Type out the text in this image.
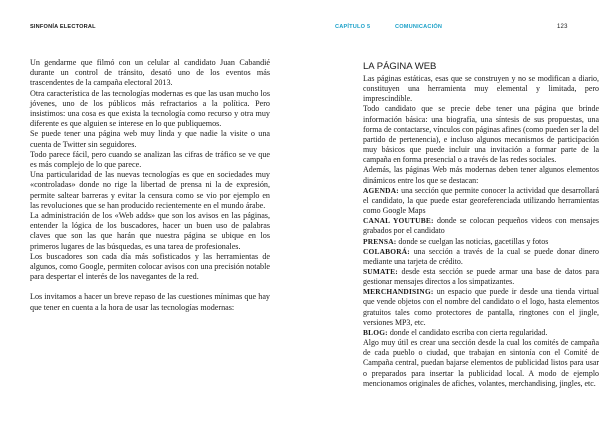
SINFONÍA ELECTORAL	CAPÍTULO 5	COMUNICACIÓN	123

Un gendarme que filmó con un celular al candidato Juan Cabandié durante un control de tránsito, desató uno de los eventos más trascendentes de la campaña electoral 2013.

Otra característica de las tecnologías modernas es que las usan mucho los jóvenes, uno de los públicos más refractarios a la política. Pero insistimos: una cosa es que exista la tecnología como recurso y otra muy diferente es que alguien se interese en lo que publiquemos.

Se puede tener una página web muy linda y que nadie la visite o una cuenta de Twitter sin seguidores.

Todo parece fácil, pero cuando se analizan las cifras de tráfico se ve que es más complejo de lo que parece.

Una particularidad de las nuevas tecnologías es que en sociedades muy «controladas» donde no rige la libertad de prensa ni la de expresión, permite saltear barreras y evitar la censura como se vio por ejemplo en las revoluciones que se han producido recientemente en el mundo árabe.

La administración de los «Web adds» que son los avisos en las páginas, entender la lógica de los buscadores, hacer un buen uso de palabras claves que son las que harán que nuestra página se ubique en los primeros lugares de las búsquedas, es una tarea de profesionales.

Los buscadores son cada día más sofisticados y las herramientas de algunos, como Google, permiten colocar avisos con una precisión notable para despertar el interés de los navegantes de la red.

Los invitamos a hacer un breve repaso de las cuestiones mínimas que hay que tener en cuenta a la hora de usar las tecnologías modernas:

LA PÁGINA WEB

Las páginas estáticas, esas que se construyen y no se modifican a diario, constituyen una herramienta muy elemental y limitada, pero imprescindible.

Todo candidato que se precie debe tener una página que brinde información básica: una biografía, una síntesis de sus propuestas, una forma de contactarse, vínculos con páginas afines (como pueden ser la del partido de pertenencia), e incluso algunos mecanismos de participación muy básicos que puede incluir una invitación a formar parte de la campaña en forma presencial o a través de las redes sociales.

Además, las páginas Web más modernas deben tener algunos elementos dinámicos entre los que se destacan:

AGENDA: una sección que permite conocer la actividad que desarrollará el candidato, la que puede estar georeferenciada utilizando herramientas como Google Maps

CANAL YOUTUBE: donde se colocan pequeños videos con mensajes grabados por el candidato

PRENSA: donde se cuelgan las noticias, gacetillas y fotos

COLABORÁ: una sección a través de la cual se puede donar dinero mediante una tarjeta de crédito.

SUMATE: desde esta sección se puede armar una base de datos para gestionar mensajes directos a los simpatizantes.

MERCHANDISING: un espacio que puede ir desde una tienda virtual que vende objetos con el nombre del candidato o el logo, hasta elementos gratuitos tales como protectores de pantalla, ringtones con el jingle, versiones MP3, etc.

BLOG: donde el candidato escriba con cierta regularidad.

Algo muy útil es crear una sección desde la cual los comités de campaña de cada pueblo o ciudad, que trabajan en sintonía con el Comité de Campaña central, puedan bajarse elementos de publicidad listos para usar o preparados para insertar la publicidad local. A modo de ejemplo mencionamos originales de afiches, volantes, merchandising, jingles, etc.
